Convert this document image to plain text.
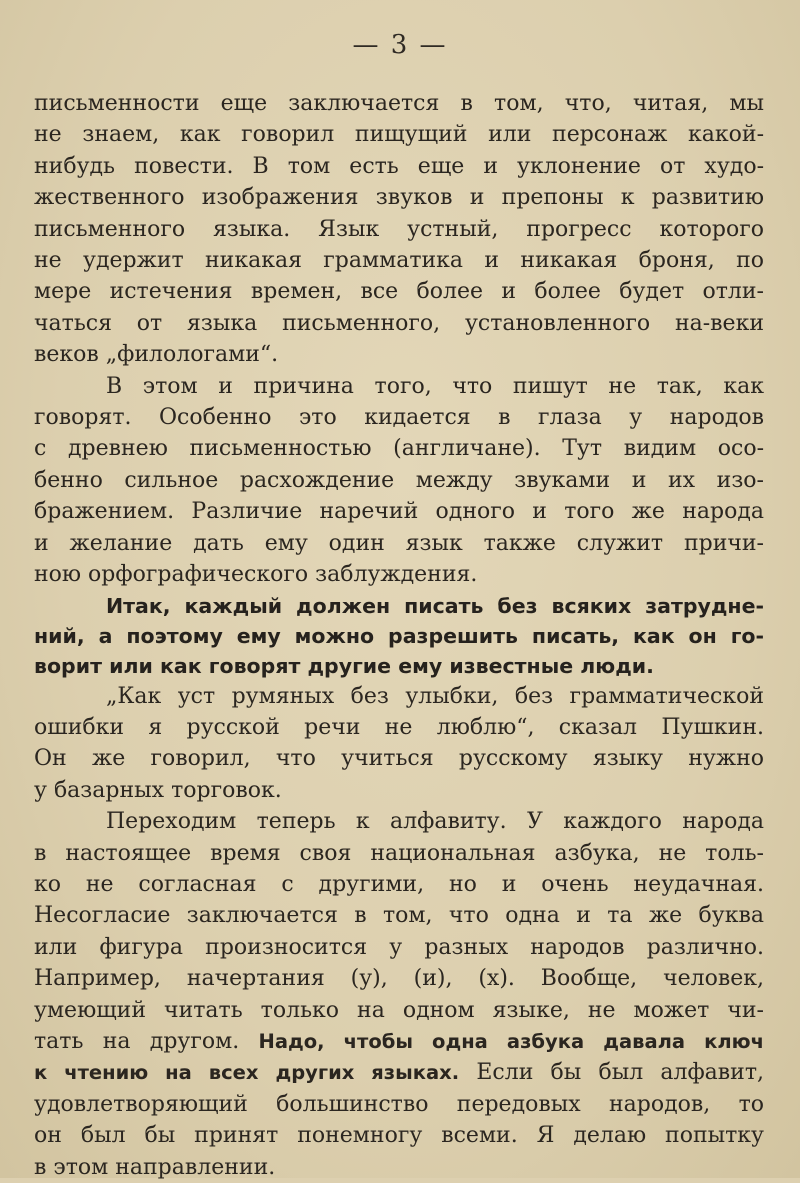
— 3 —

письменности еще заключается в том, что, читая, мы
не знаем, как говорил пищущий или персонаж какой-
нибудь повести. В том есть еще и уклонение от худо-
жественного изображения звуков и препоны к развитию
письменного языка. Язык устный, прогресс которого
не удержит никакая грамматика и никакая броня, по
мере истечения времен, все более и более будет отли-
чаться от языка письменного, установленного на-веки
веков „филологами“.

В этом и причина того, что пишут не так, как
говорят. Особенно это кидается в глаза у народов
с древнею письменностью (англичане). Тут видим осо-
бенно сильное расхождение между звуками и их изо-
бражением. Различие наречий одного и того же народа
и желание дать ему один язык также служит причи-
ною орфографического заблуждения.

Итак, каждый должен писать без всяких затрудне-
ний, а поэтому ему можно разрешить писать, как он го-
ворит или как говорят другие ему известные люди.

„Как уст румяных без улыбки, без грамматической
ошибки я русской речи не люблю“, сказал Пушкин.
Он же говорил, что учиться русскому языку нужно
у базарных торговок.

Переходим теперь к алфавиту. У каждого народа
в настоящее время своя национальная азбука, не толь-
ко не согласная с другими, но и очень неудачная.
Несогласие заключается в том, что одна и та же буква
или фигура произносится у разных народов различно.
Например, начертания (у), (и), (х). Вообще, человек,
умеющий читать только на одном языке, не может чи-
тать на другом. Надо, чтобы одна азбука давала ключ
к чтению на всех других языках. Если бы был алфавит,
удовлетворяющий большинство передовых народов, то
он был бы принят понемногу всеми. Я делаю попытку
в этом направлении.
